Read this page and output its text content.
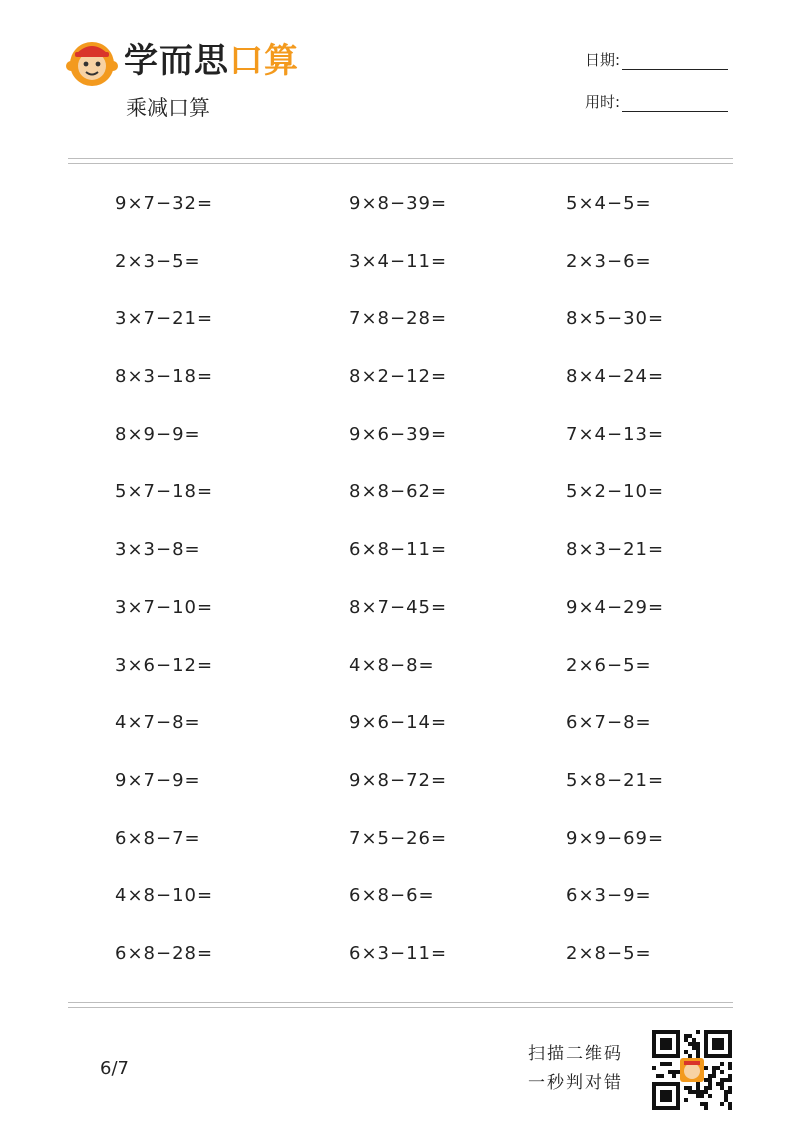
学而思口算
乘减口算
日期:
用时:
9×7−32=	9×8−39=	5×4−5=
2×3−5=	3×4−11=	2×3−6=
3×7−21=	7×8−28=	8×5−30=
8×3−18=	8×2−12=	8×4−24=
8×9−9=	9×6−39=	7×4−13=
5×7−18=	8×8−62=	5×2−10=
3×3−8=	6×8−11=	8×3−21=
3×7−10=	8×7−45=	9×4−29=
3×6−12=	4×8−8=	2×6−5=
4×7−8=	9×6−14=	6×7−8=
9×7−9=	9×8−72=	5×8−21=
6×8−7=	7×5−26=	9×9−69=
4×8−10=	6×8−6=	6×3−9=
6×8−28=	6×3−11=	2×8−5=
6/7
扫描二维码
一秒判对错
